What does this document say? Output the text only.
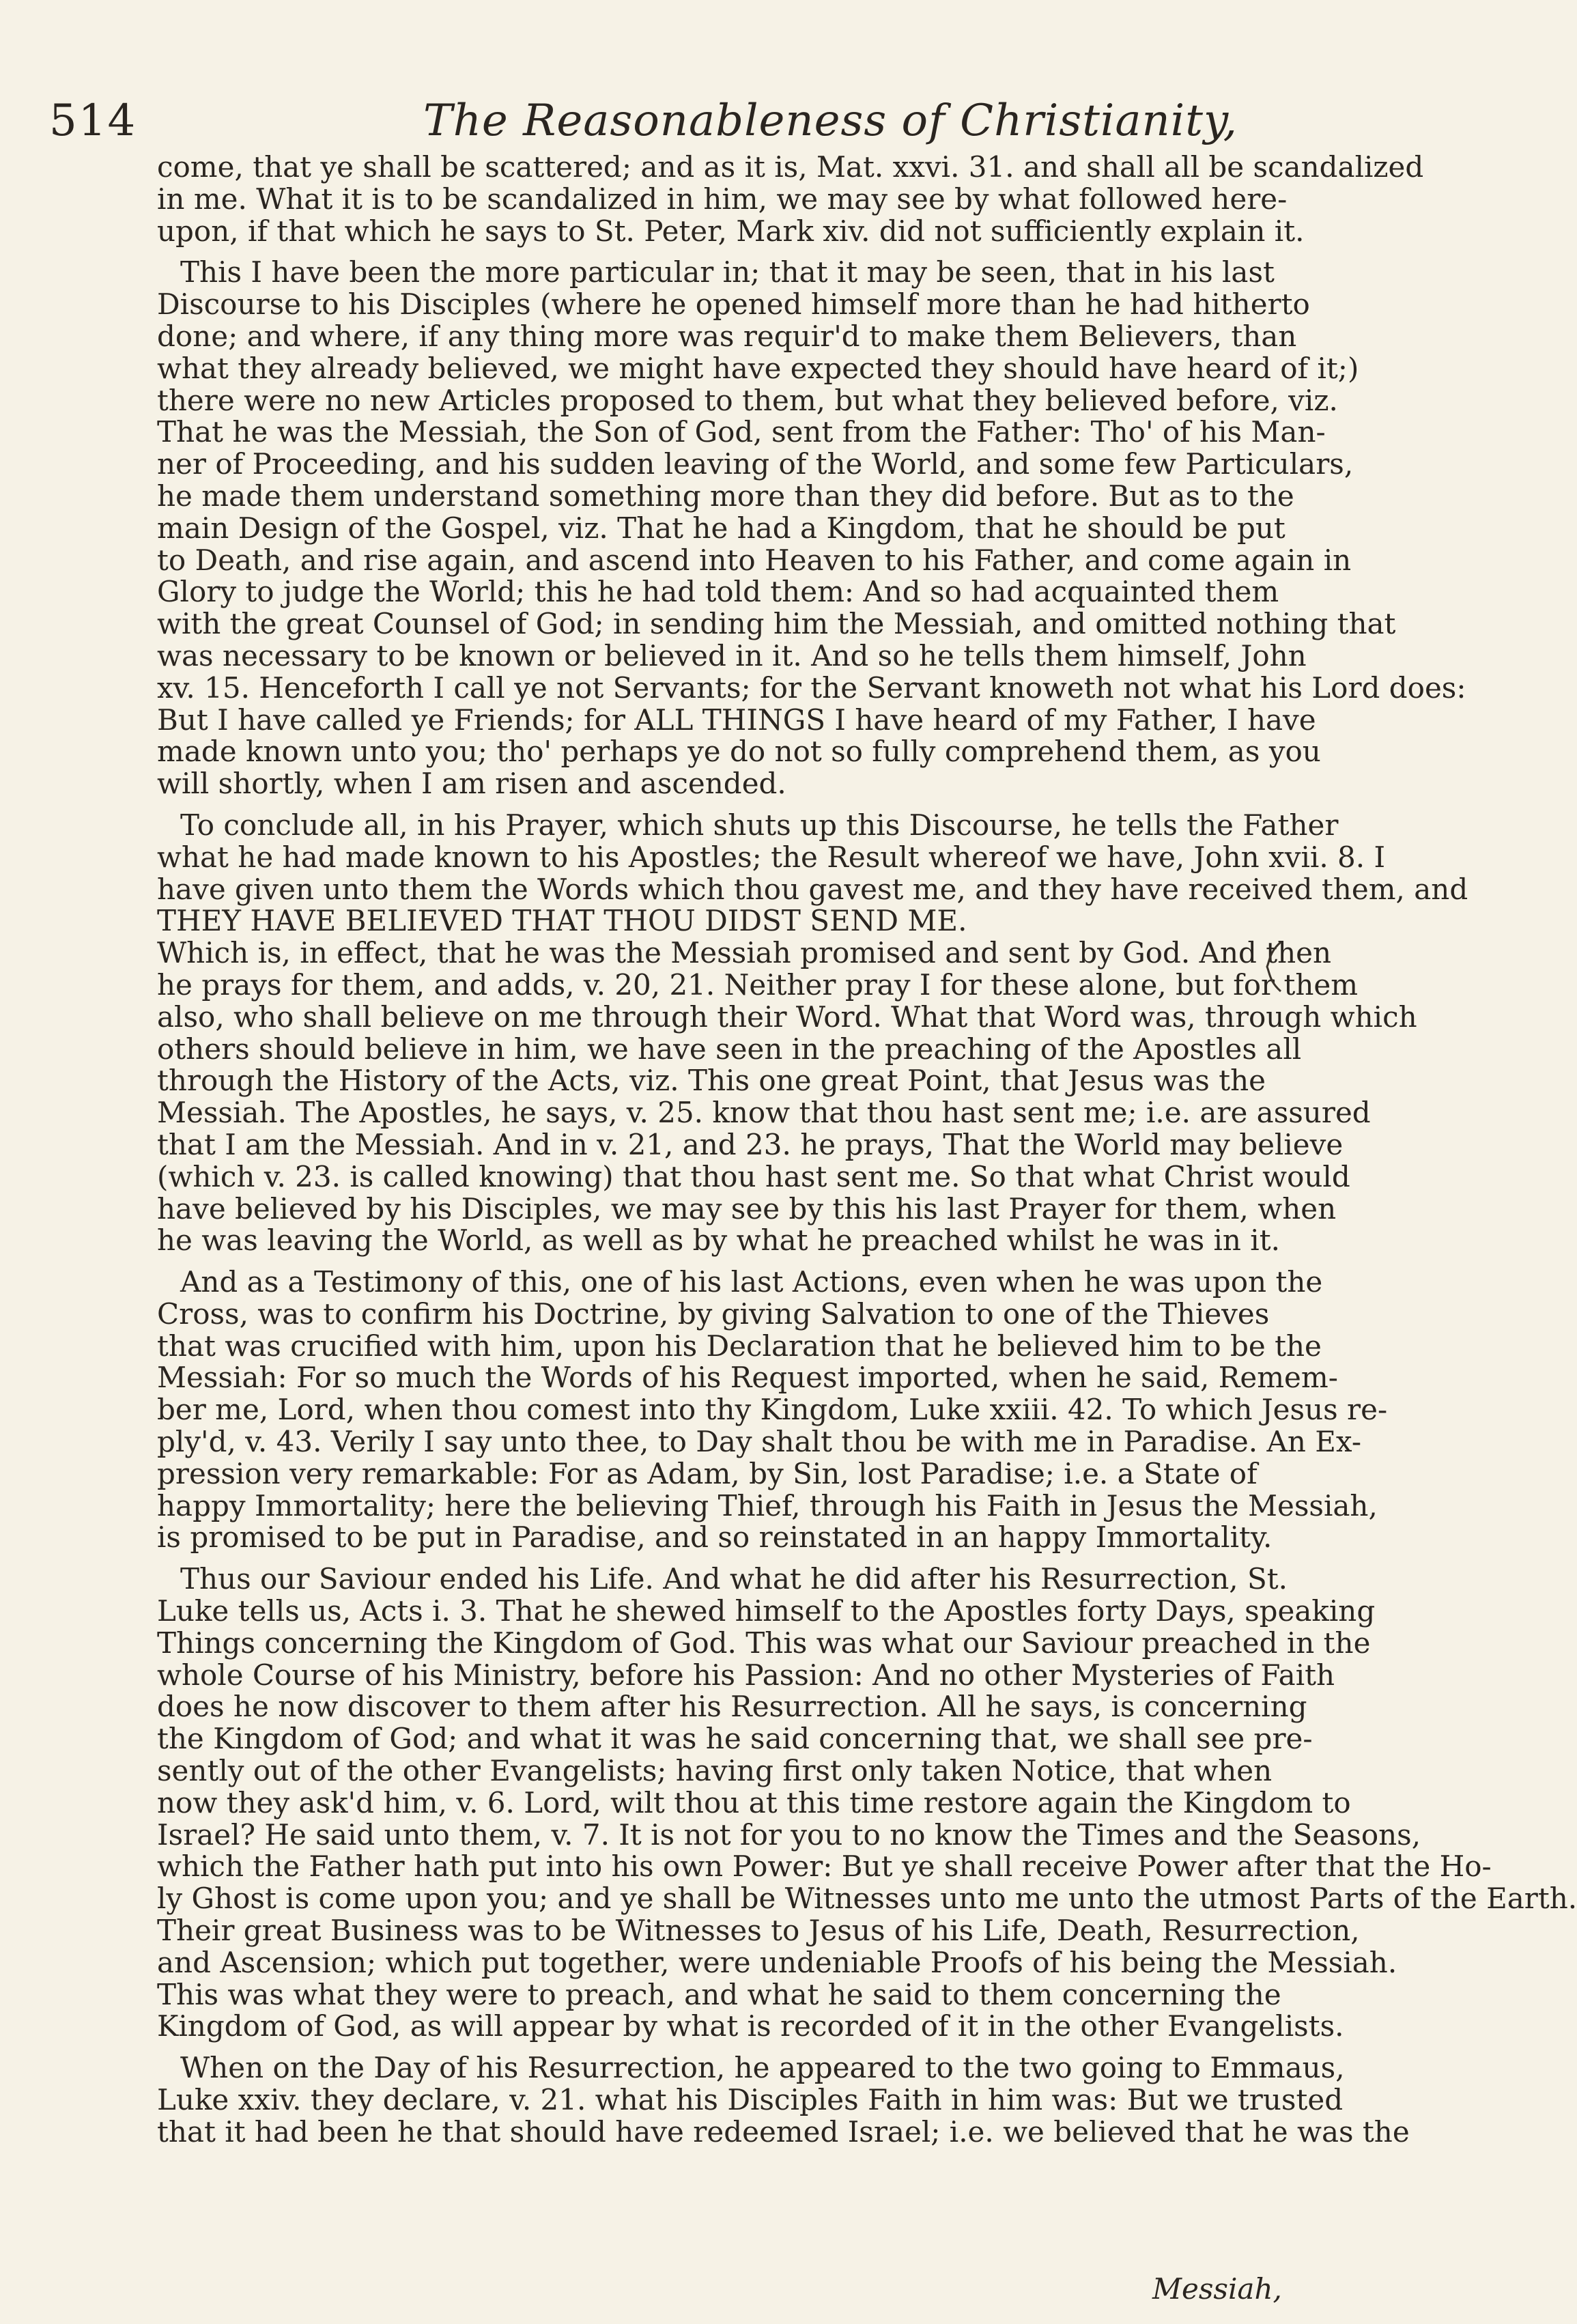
514	The Reasonableness of Christianity,
come, that ye shall be scattered; and as it is, Mat. xxvi. 31. and shall all be scandalized
in me. What it is to be scandalized in him, we may see by what followed here-
upon, if that which he says to St. Peter, Mark xiv. did not sufficiently explain it.
This I have been the more particular in; that it may be seen, that in his last
Discourse to his Disciples (where he opened himself more than he had hitherto
done; and where, if any thing more was requir'd to make them Believers, than
what they already believed, we might have expected they should have heard of it;)
there were no new Articles proposed to them, but what they believed before, viz.
That he was the Messiah, the Son of God, sent from the Father: Tho' of his Man-
ner of Proceeding, and his sudden leaving of the World, and some few Particulars,
he made them understand something more than they did before. But as to the
main Design of the Gospel, viz. That he had a Kingdom, that he should be put
to Death, and rise again, and ascend into Heaven to his Father, and come again in
Glory to judge the World; this he had told them: And so had acquainted them
with the great Counsel of God; in sending him the Messiah, and omitted nothing that
was necessary to be known or believed in it. And so he tells them himself, John
xv. 15. Henceforth I call ye not Servants; for the Servant knoweth not what his Lord does:
But I have called ye Friends; for ALL THINGS I have heard of my Father, I have
made known unto you; tho' perhaps ye do not so fully comprehend them, as you
will shortly, when I am risen and ascended.
To conclude all, in his Prayer, which shuts up this Discourse, he tells the Father
what he had made known to his Apostles; the Result whereof we have, John xvii. 8. I
have given unto them the Words which thou gavest me, and they have received them, and
THEY HAVE BELIEVED THAT THOU DIDST SEND ME.
Which is, in effect, that he was the Messiah promised and sent by God. And then
he prays for them, and adds, v. 20, 21. Neither pray I for these alone, but for them
also, who shall believe on me through their Word. What that Word was, through which
others should believe in him, we have seen in the preaching of the Apostles all
through the History of the Acts, viz. This one great Point, that Jesus was the
Messiah. The Apostles, he says, v. 25. know that thou hast sent me; i.e. are assured
that I am the Messiah. And in v. 21, and 23. he prays, That the World may believe
(which v. 23. is called knowing) that thou hast sent me. So that what Christ would
have believed by his Disciples, we may see by this his last Prayer for them, when
he was leaving the World, as well as by what he preached whilst he was in it.
And as a Testimony of this, one of his last Actions, even when he was upon the
Cross, was to confirm his Doctrine, by giving Salvation to one of the Thieves
that was crucified with him, upon his Declaration that he believed him to be the
Messiah: For so much the Words of his Request imported, when he said, Remem-
ber me, Lord, when thou comest into thy Kingdom, Luke xxiii. 42. To which Jesus re-
ply'd, v. 43. Verily I say unto thee, to Day shalt thou be with me in Paradise. An Ex-
pression very remarkable: For as Adam, by Sin, lost Paradise; i.e. a State of
happy Immortality; here the believing Thief, through his Faith in Jesus the Messiah,
is promised to be put in Paradise, and so reinstated in an happy Immortality.
Thus our Saviour ended his Life. And what he did after his Resurrection, St.
Luke tells us, Acts i. 3. That he shewed himself to the Apostles forty Days, speaking
Things concerning the Kingdom of God. This was what our Saviour preached in the
whole Course of his Ministry, before his Passion: And no other Mysteries of Faith
does he now discover to them after his Resurrection. All he says, is concerning
the Kingdom of God; and what it was he said concerning that, we shall see pre-
sently out of the other Evangelists; having first only taken Notice, that when
now they ask'd him, v. 6. Lord, wilt thou at this time restore again the Kingdom to
Israel? He said unto them, v. 7. It is not for you to no know the Times and the Seasons,
which the Father hath put into his own Power: But ye shall receive Power after that the Ho-
ly Ghost is come upon you; and ye shall be Witnesses unto me unto the utmost Parts of the Earth.
Their great Business was to be Witnesses to Jesus of his Life, Death, Resurrection,
and Ascension; which put together, were undeniable Proofs of his being the Messiah.
This was what they were to preach, and what he said to them concerning the
Kingdom of God, as will appear by what is recorded of it in the other Evangelists.
When on the Day of his Resurrection, he appeared to the two going to Emmaus,
Luke xxiv. they declare, v. 21. what his Disciples Faith in him was: But we trusted
that it had been he that should have redeemed Israel; i.e. we believed that he was the
Messiah,
